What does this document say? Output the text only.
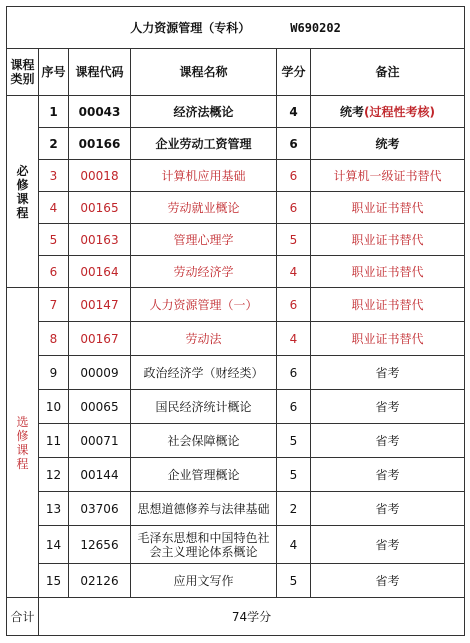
人力资源管理（专科） W690202					

课程
类别	序号	课程代码	课程名称	学分	备注

必
修
课
程	1	00043	经济法概论	4	统考(过程性考核)
	2	00166	企业劳动工资管理	6	统考
	3	00018	计算机应用基础	6	计算机一级证书替代
	4	00165	劳动就业概论	6	职业证书替代
	5	00163	管理心理学	5	职业证书替代
	6	00164	劳动经济学	4	职业证书替代

选
修
课
程	7	00147	人力资源管理（一）	6	职业证书替代
	8	00167	劳动法	4	职业证书替代
	9	00009	政治经济学（财经类）	6	省考
	10	00065	国民经济统计概论	6	省考
	11	00071	社会保障概论	5	省考
	12	00144	企业管理概论	5	省考
	13	03706	思想道德修养与法律基础	2	省考
	14	12656	毛泽东思想和中国特色社会主义理论体系概论	4	省考
	15	02126	应用文写作	5	省考
合计	74学分				
